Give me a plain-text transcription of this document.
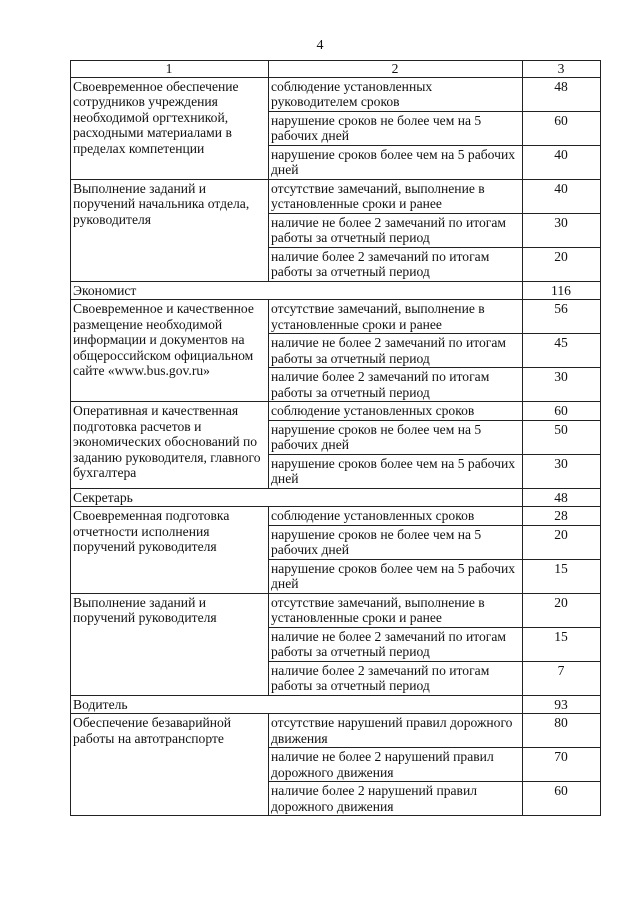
4
1	2	3
Своевременное обеспечение сотрудников учреждения необходимой оргтехникой, расходными материалами в пределах компетенции	соблюдение установленных руководителем сроков	48
	нарушение сроков не более чем на 5 рабочих дней	60
	нарушение сроков более чем на 5 рабочих дней	40
Выполнение заданий и поручений начальника отдела, руководителя	отсутствие замечаний, выполнение в установленные сроки и ранее	40
	наличие не более 2 замечаний по итогам работы за отчетный период	30
	наличие более 2 замечаний по итогам работы за отчетный период	20
Экономист		116
Своевременное и качественное размещение необходимой информации и документов на общероссийском официальном сайте «www.bus.gov.ru»	отсутствие замечаний, выполнение в установленные сроки и ранее	56
	наличие не более 2 замечаний по итогам работы за отчетный период	45
	наличие более 2 замечаний по итогам работы за отчетный период	30
Оперативная и качественная подготовка расчетов и экономических обоснований по заданию руководителя, главного бухгалтера	соблюдение установленных сроков	60
	нарушение сроков не более чем на 5 рабочих дней	50
	нарушение сроков более чем на 5 рабочих дней	30
Секретарь		48
Своевременная подготовка отчетности исполнения поручений руководителя	соблюдение установленных сроков	28
	нарушение сроков не более чем на 5 рабочих дней	20
	нарушение сроков более чем на 5 рабочих дней	15
Выполнение заданий и поручений руководителя	отсутствие замечаний, выполнение в установленные сроки и ранее	20
	наличие не более 2 замечаний по итогам работы за отчетный период	15
	наличие более 2 замечаний по итогам работы за отчетный период	7
Водитель		93
Обеспечение безаварийной работы на автотранспорте	отсутствие нарушений правил дорожного движения	80
	наличие не более 2 нарушений правил дорожного движения	70
	наличие более 2 нарушений правил дорожного движения	60
